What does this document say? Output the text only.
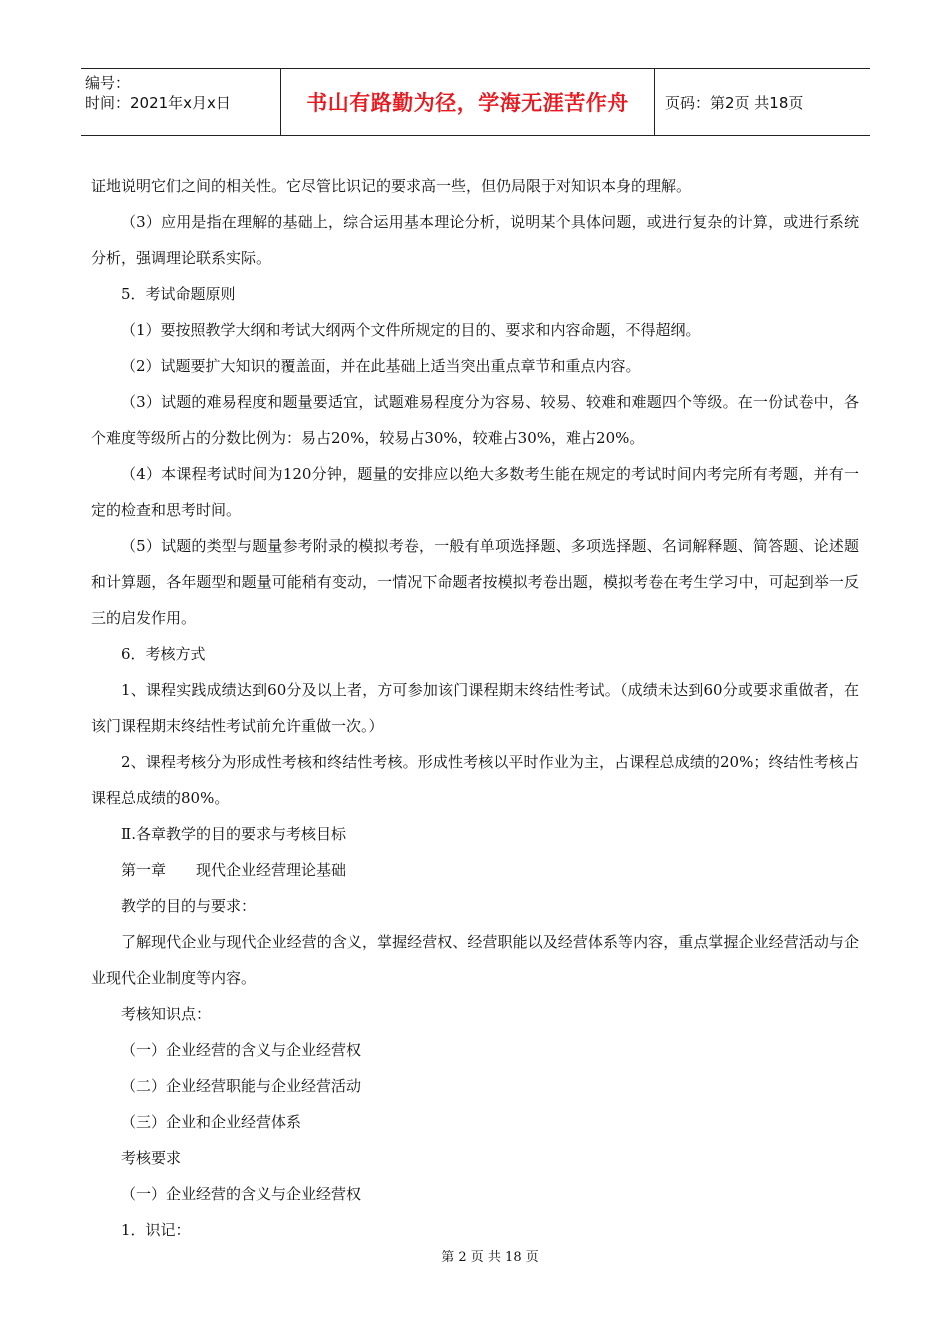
编号：
时间：2021年x月x日	书山有路勤为径，学海无涯苦作舟 页码：第2页 共18页

证地说明它们之间的相关性。它尽管比识记的要求高一些，但仍局限于对知识本身的理解。

（3）应用是指在理解的基础上，综合运用基本理论分析，说明某个具体问题，或进行复杂的计算，或进行系统分析，强调理论联系实际。

5．考试命题原则

（1）要按照教学大纲和考试大纲两个文件所规定的目的、要求和内容命题，不得超纲。

（2）试题要扩大知识的覆盖面，并在此基础上适当突出重点章节和重点内容。

（3）试题的难易程度和题量要适宜，试题难易程度分为容易、较易、较难和难题四个等级。在一份试卷中，各个难度等级所占的分数比例为：易占20%，较易占30%，较难占30%，难占20%。

（4）本课程考试时间为120分钟，题量的安排应以绝大多数考生能在规定的考试时间内考完所有考题，并有一定的检查和思考时间。

（5）试题的类型与题量参考附录的模拟考卷，一般有单项选择题、多项选择题、名词解释题、简答题、论述题和计算题，各年题型和题量可能稍有变动，一情况下命题者按模拟考卷出题，模拟考卷在考生学习中，可起到举一反三的启发作用。

6．考核方式

1、课程实践成绩达到60分及以上者，方可参加该门课程期末终结性考试。（成绩未达到60分或要求重做者，在该门课程期末终结性考试前允许重做一次。）

2、课程考核分为形成性考核和终结性考核。形成性考核以平时作业为主，占课程总成绩的20%；终结性考核占课程总成绩的80%。

Ⅱ.各章教学的目的要求与考核目标

第一章　　现代企业经营理论基础

教学的目的与要求：

了解现代企业与现代企业经营的含义，掌握经营权、经营职能以及经营体系等内容，重点掌握企业经营活动与企业现代企业制度等内容。

考核知识点：

（一）企业经营的含义与企业经营权

（二）企业经营职能与企业经营活动

（三）企业和企业经营体系

考核要求

（一）企业经营的含义与企业经营权

1．识记：

第 2 页 共 18 页
